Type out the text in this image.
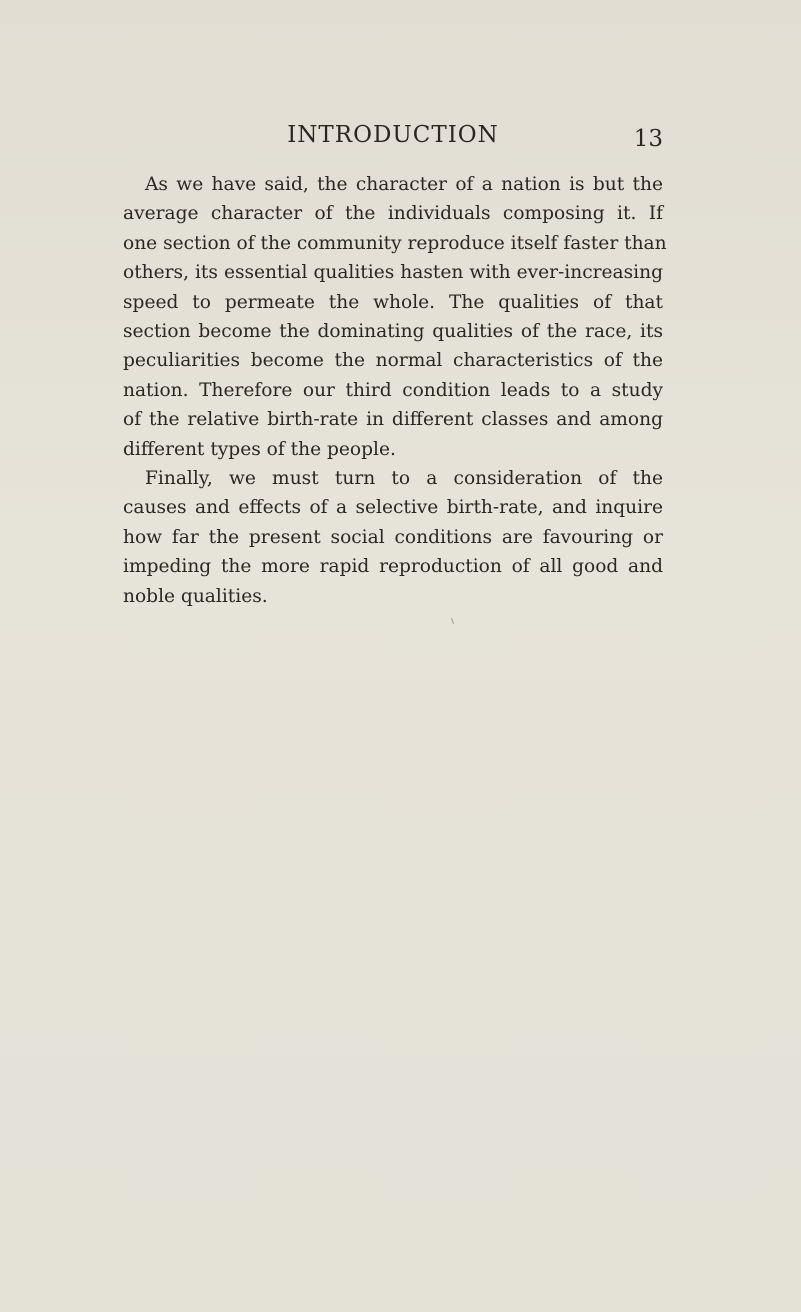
INTRODUCTION	13

As we have said, the character of a nation is but the
average character of the individuals composing it. If
one section of the community reproduce itself faster than
others, its essential qualities hasten with ever-increasing
speed to permeate the whole. The qualities of that
section become the dominating qualities of the race, its
peculiarities become the normal characteristics of the
nation. Therefore our third condition leads to a study
of the relative birth-rate in different classes and among
different types of the people.

Finally, we must turn to a consideration of the
causes and effects of a selective birth-rate, and inquire
how far the present social conditions are favouring or
impeding the more rapid reproduction of all good and
noble qualities.
